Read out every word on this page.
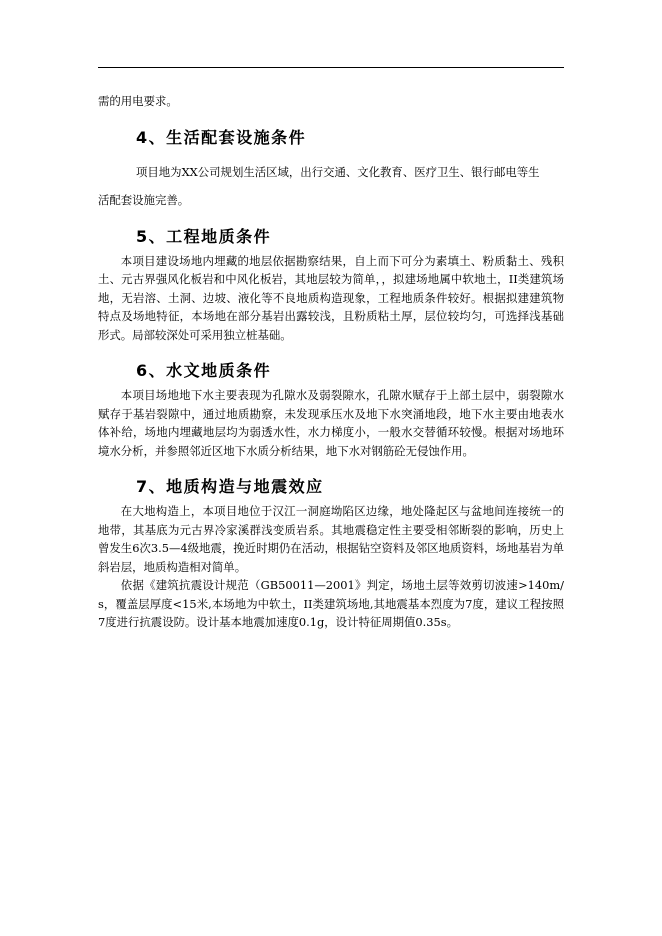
需的用电要求。

4、生活配套设施条件

项目地为XX公司规划生活区域，出行交通、文化教育、医疗卫生、银行邮电等生

活配套设施完善。

5、工程地质条件

本项目建设场地内埋藏的地层依据勘察结果，自上而下可分为素填土、粉质黏土、残积土、元古界强风化板岩和中风化板岩，其地层较为简单，，拟建场地属中软地土，II类建筑场地，无岩溶、土洞、边坡、液化等不良地质构造现象，工程地质条件较好。根据拟建建筑物特点及场地特征，本场地在部分基岩出露较浅，且粉质粘土厚，层位较均匀，可选择浅基础形式。局部较深处可采用独立桩基础。

6、水文地质条件

本项目场地地下水主要表现为孔隙水及弱裂隙水，孔隙水赋存于上部土层中，弱裂隙水赋存于基岩裂隙中，通过地质勘察，未发现承压水及地下水突涌地段，地下水主要由地表水体补给，场地内埋藏地层均为弱透水性，水力梯度小，一般水交替循环较慢。根据对场地环境水分析，并参照邻近区地下水质分析结果，地下水对钢筋砼无侵蚀作用。

7、地质构造与地震效应

在大地构造上，本项目地位于汉江一洞庭坳陷区边缘，地处隆起区与盆地间连接统一的地带，其基底为元古界冷家溪群浅变质岩系。其地震稳定性主要受相邻断裂的影响，历史上曾发生6次3.5—4级地震，挽近时期仍在活动，根据钻空资料及邻区地质资料，场地基岩为单斜岩层，地质构造相对简单。

依据《建筑抗震设计规范（GB50011—2001》判定，场地土层等效剪切波速>140m/s，覆盖层厚度<15米,本场地为中软土，II类建筑场地,其地震基本烈度为7度，建议工程按照7度进行抗震设防。设计基本地震加速度0.1g，设计特征周期值0.35s。
